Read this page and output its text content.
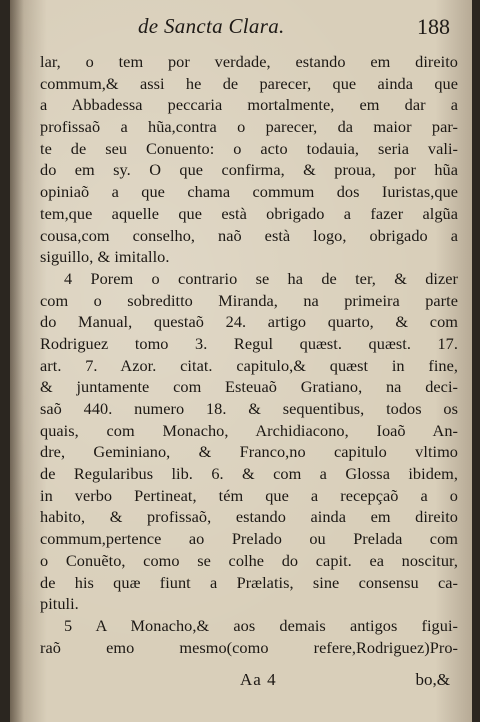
de Sancta Clara.	188
lar, o tem por verdade, estando em direito
commum,& assi he de parecer, que ainda que
a Abbadessa peccaria mortalmente, em dar a
profissaõ a hũa,contra o parecer, da maior par-
te de seu Conuento: o acto todauia, seria vali-
do em sy. O que confirma, & proua, por hũa
opiniaõ a que chama commum dos Iuristas,que
tem,que aquelle que està obrigado a fazer algũa
cousa,com conselho, naõ està logo, obrigado a
siguillo, & imitallo.
4 Porem o contrario se ha de ter, & dizer
com o sobreditto Miranda, na primeira parte
do Manual, questaõ 24. artigo quarto, & com
Rodriguez tomo 3. Regul quæst. quæst. 17.
art. 7. Azor. citat. capitulo,& quæst in fine,
& juntamente com Esteuaõ Gratiano, na deci-
saõ 440. numero 18. & sequentibus, todos os
quais, com Monacho, Archidiacono, Ioaõ An-
dre, Geminiano, & Franco,no capitulo vltimo
de Regularibus lib. 6. & com a Glossa ibidem,
in verbo Pertineat, tém que a recepçaõ a o
habito, & profissaõ, estando ainda em direito
commum,pertence ao Prelado ou Prelada com
o Conuẽto, como se colhe do capit. ea noscitur,
de his quæ fiunt a Prælatis, sine consensu ca-
pituli.
5 A Monacho,& aos demais antigos figui-
raõ emo mesmo(como refere,Rodriguez)Pro-
Aa 4	bo,&
